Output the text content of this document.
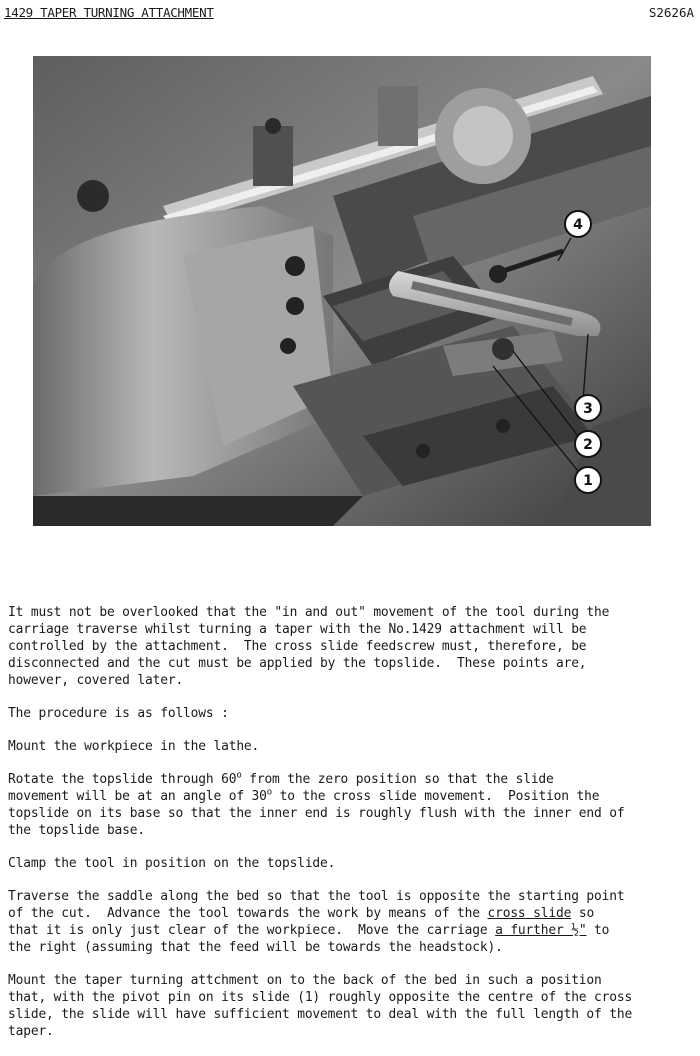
1429 TAPER TURNING ATTACHMENT	S2626A
4
3
2
1

It must not be overlooked that the "in and out" movement of the tool during the
carriage traverse whilst turning a taper with the No.1429 attachment will be
controlled by the attachment.  The cross slide feedscrew must, therefore, be
disconnected and the cut must be applied by the topslide.  These points are,
however, covered later.

The procedure is as follows :

Mount the workpiece in the lathe.

Rotate the topslide through 60$^o$ from the zero position so that the slide
movement will be at an angle of 30$^o$ to the cross slide movement.  Position the
topslide on its base so that the inner end is roughly flush with the inner end of
the topslide base.

Clamp the tool in position on the topslide.

Traverse the saddle along the bed so that the tool is opposite the starting point
of the cut.  Advance the tool towards the work by means of the cross slide so
that it is only just clear of the workpiece.  Move the carriage a further ½" to
the right (assuming that the feed will be towards the headstock).

Mount the taper turning attchment on to the back of the bed in such a position
that, with the pivot pin on its slide (1) roughly opposite the centre of the cross
slide, the slide will have sufficient movement to deal with the full length of the
taper.
